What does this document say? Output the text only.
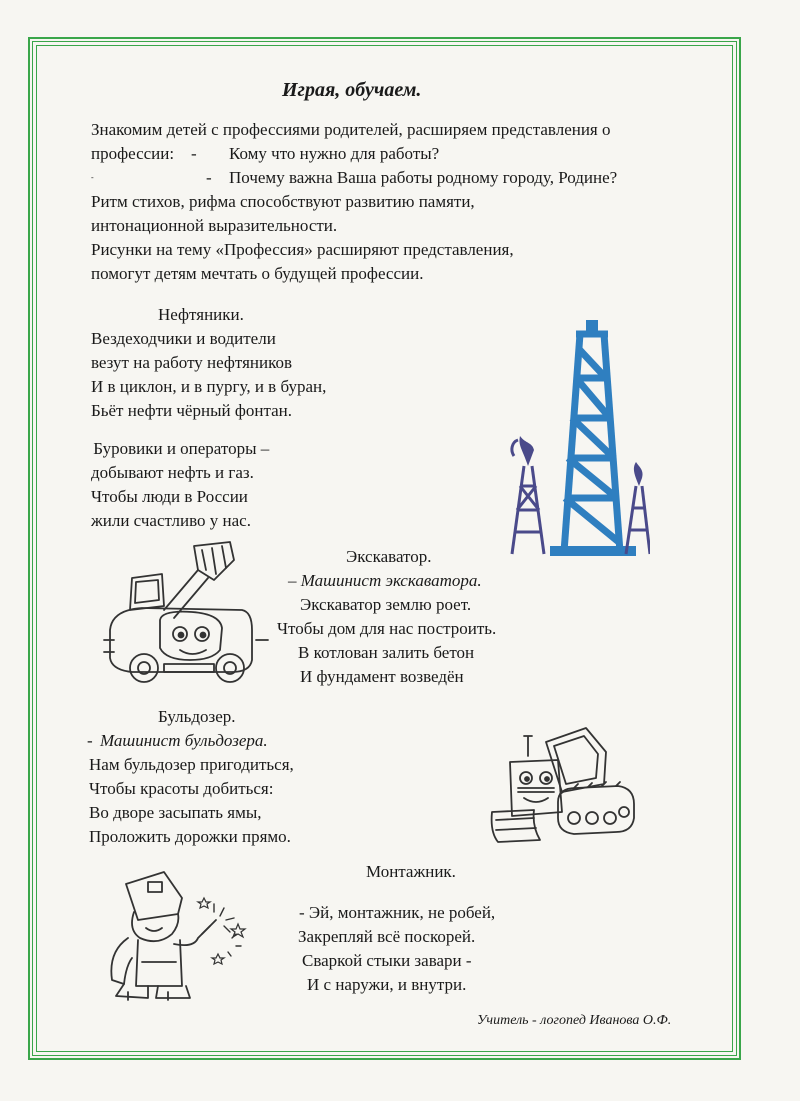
Играя, обучаем.
Знакомим детей с профессиями родителей, расширяем представления о
профессии: - Кому что нужно для работы?
-	- Почему важна Ваша работы родному городу, Родине?
Ритм стихов, рифма способствуют развитию памяти,
интонационной выразительности.
Рисунки на тему «Профессия» расширяют представления,
помогут детям мечтать о будущей профессии.
Нефтяники.
Вездеходчики и водители
везут на работу нефтяников
И в циклон, и в пургу, и в буран,
Бьёт нефти чёрный фонтан.
Буровики и операторы –
добывают нефть и газ.
Чтобы люди в России
жили счастливо у нас.
Экскаватор.
– Машинист экскаватора.
Экскаватор землю роет.
Чтобы дом для нас построить.
В котлован залить бетон
И фундамент возведён
Бульдозер.
- Машинист бульдозера.
Нам бульдозер пригодиться,
Чтобы красоты добиться:
Во дворе засыпать ямы,
Проложить дорожки прямо.
Монтажник.
- Эй, монтажник, не робей,
Закрепляй всё поскорей.
Сваркой стыки завари -
И с наружи, и внутри.
Учитель - логопед Иванова О.Ф.
